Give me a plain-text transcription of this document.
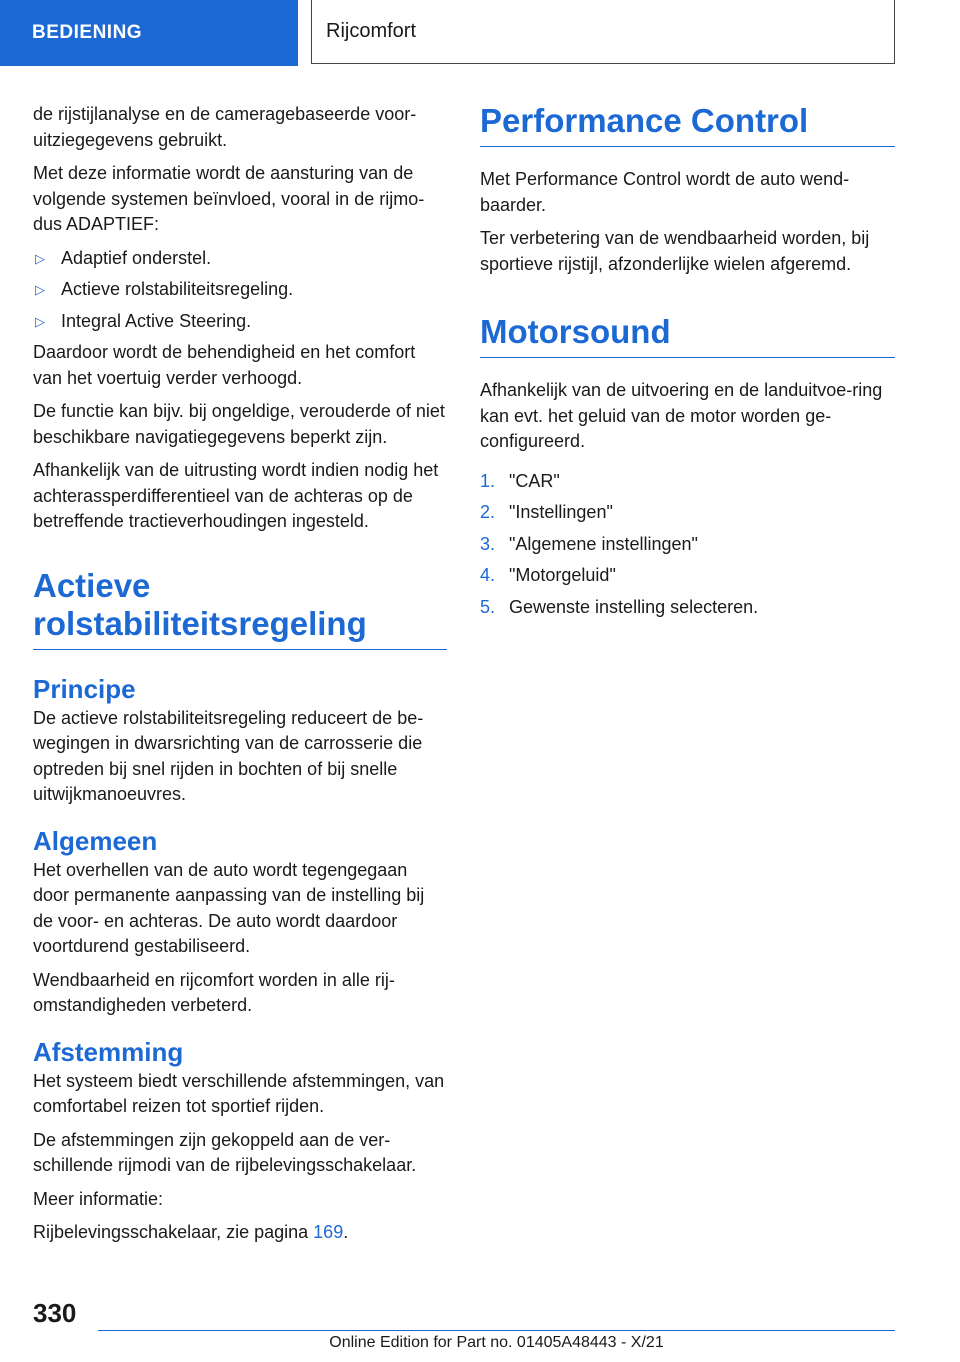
BEDIENING	Rijcomfort

de rijstijlanalyse en de cameragebaseerde voor-uitziegegevens gebruikt.

Met deze informatie wordt de aansturing van de volgende systemen beïnvloed, vooral in de rijmo-dus ADAPTIEF:

▷ Adaptief onderstel.
▷ Actieve rolstabiliteitsregeling.
▷ Integral Active Steering.

Daardoor wordt de behendigheid en het comfort van het voertuig verder verhoogd.

De functie kan bijv. bij ongeldige, verouderde of niet beschikbare navigatiegegevens beperkt zijn.

Afhankelijk van de uitrusting wordt indien nodig het achterassperdifferentieel van de achteras op de betreffende tractieverhoudingen ingesteld.

Actieve rolstabiliteitsregeling
Principe

De actieve rolstabiliteitsregeling reduceert de be-wegingen in dwarsrichting van de carrosserie die optreden bij snel rijden in bochten of bij snelle uitwijkmanoeuvres.

Algemeen

Het overhellen van de auto wordt tegengegaan door permanente aanpassing van de instelling bij de voor- en achteras. De auto wordt daardoor voortdurend gestabiliseerd.

Wendbaarheid en rijcomfort worden in alle rij-omstandigheden verbeterd.

Afstemming

Het systeem biedt verschillende afstemmingen, van comfortabel reizen tot sportief rijden.

De afstemmingen zijn gekoppeld aan de ver-schillende rijmodi van de rijbelevingsschakelaar.

Meer informatie:

Rijbelevingsschakelaar, zie pagina 169.

Performance Control

Met Performance Control wordt de auto wend-baarder.

Ter verbetering van de wendbaarheid worden, bij sportieve rijstijl, afzonderlijke wielen afgeremd.

Motorsound

Afhankelijk van de uitvoering en de landuitvoe-ring kan evt. het geluid van de motor worden ge-configureerd.

1. "CAR"
2. "Instellingen"
3. "Algemene instellingen"
4. "Motorgeluid"
5. Gewenste instelling selecteren.
330
Online Edition for Part no. 01405A48443 - X/21
